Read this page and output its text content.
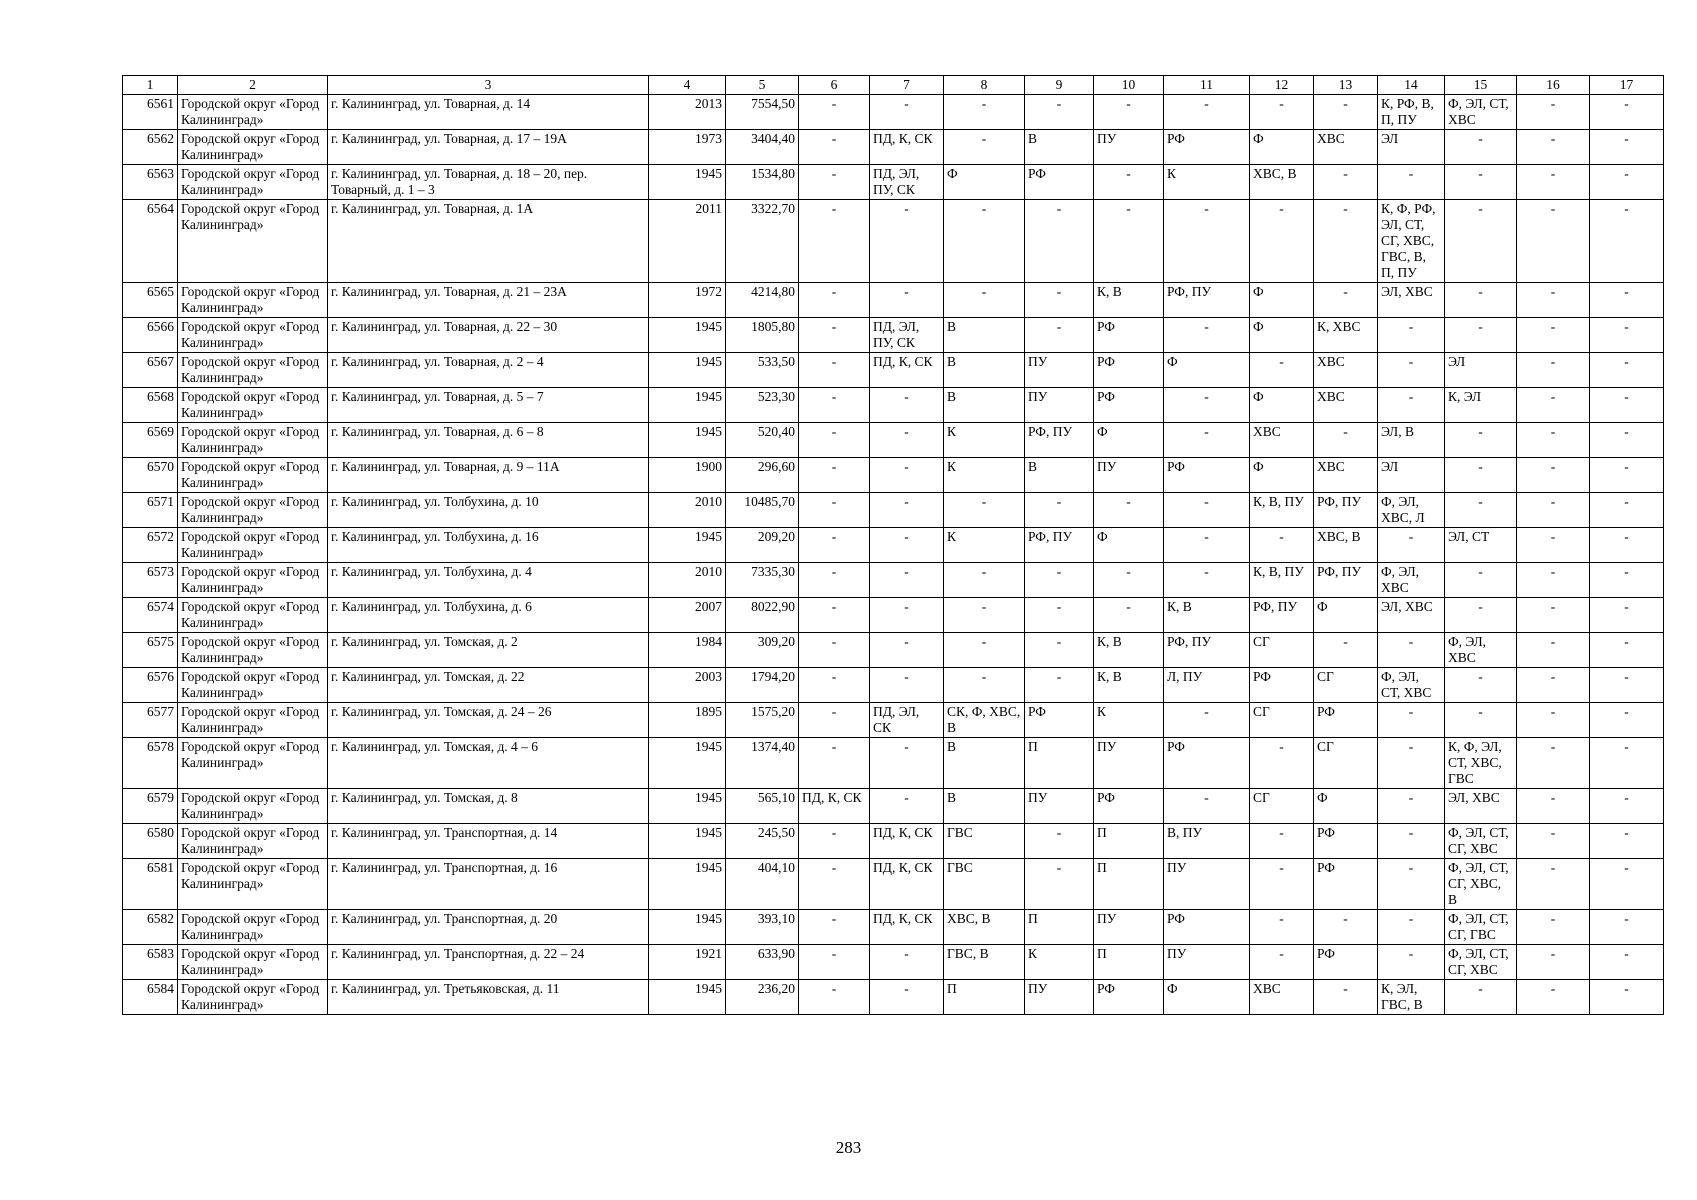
1	2	3	4	5	6	7	8	9	10	11	12	13	14	15	16	17
6561	Городской округ «Город Калининград»	г. Калининград, ул. Товарная, д. 14	2013	7554,50	-	-	-	-	-	-	-	-	К, РФ, В, П, ПУ	Ф, ЭЛ, СТ, ХВС	-	-
6562	Городской округ «Город Калининград»	г. Калининград, ул. Товарная, д. 17 – 19А	1973	3404,40	-	ПД, К, СК	-	В	ПУ	РФ	Ф	ХВС	ЭЛ	-	-	-
6563	Городской округ «Город Калининград»	г. Калининград, ул. Товарная, д. 18 – 20, пер. Товарный, д. 1 – 3	1945	1534,80	-	ПД, ЭЛ, ПУ, СК	Ф	РФ	-	К	ХВС, В	-	-	-	-	-
6564	Городской округ «Город Калининград»	г. Калининград, ул. Товарная, д. 1А	2011	3322,70	-	-	-	-	-	-	-	-	К, Ф, РФ, ЭЛ, СТ, СГ, ХВС, ГВС, В, П, ПУ	-	-	-
6565	Городской округ «Город Калининград»	г. Калининград, ул. Товарная, д. 21 – 23А	1972	4214,80	-	-	-	-	К, В	РФ, ПУ	Ф	-	ЭЛ, ХВС	-	-	-
6566	Городской округ «Город Калининград»	г. Калининград, ул. Товарная, д. 22 – 30	1945	1805,80	-	ПД, ЭЛ, ПУ, СК	В	-	РФ	-	Ф	К, ХВС	-	-	-	-
6567	Городской округ «Город Калининград»	г. Калининград, ул. Товарная, д. 2 – 4	1945	533,50	-	ПД, К, СК	В	ПУ	РФ	Ф	-	ХВС	-	ЭЛ	-	-
6568	Городской округ «Город Калининград»	г. Калининград, ул. Товарная, д. 5 – 7	1945	523,30	-	-	В	ПУ	РФ	-	Ф	ХВС	-	К, ЭЛ	-	-
6569	Городской округ «Город Калининград»	г. Калининград, ул. Товарная, д. 6 – 8	1945	520,40	-	-	К	РФ, ПУ	Ф	-	ХВС	-	ЭЛ, В	-	-	-
6570	Городской округ «Город Калининград»	г. Калининград, ул. Товарная, д. 9 – 11А	1900	296,60	-	-	К	В	ПУ	РФ	Ф	ХВС	ЭЛ	-	-	-
6571	Городской округ «Город Калининград»	г. Калининград, ул. Толбухина, д. 10	2010	10485,70	-	-	-	-	-	-	К, В, ПУ	РФ, ПУ	Ф, ЭЛ, ХВС, Л	-	-	-
6572	Городской округ «Город Калининград»	г. Калининград, ул. Толбухина, д. 16	1945	209,20	-	-	К	РФ, ПУ	Ф	-	-	ХВС, В	-	ЭЛ, СТ	-	-
6573	Городской округ «Город Калининград»	г. Калининград, ул. Толбухина, д. 4	2010	7335,30	-	-	-	-	-	-	К, В, ПУ	РФ, ПУ	Ф, ЭЛ, ХВС	-	-	-
6574	Городской округ «Город Калининград»	г. Калининград, ул. Толбухина, д. 6	2007	8022,90	-	-	-	-	-	К, В	РФ, ПУ	Ф	ЭЛ, ХВС	-	-	-
6575	Городской округ «Город Калининград»	г. Калининград, ул. Томская, д. 2	1984	309,20	-	-	-	-	К, В	РФ, ПУ	СГ	-	-	Ф, ЭЛ, ХВС	-	-
6576	Городской округ «Город Калининград»	г. Калининград, ул. Томская, д. 22	2003	1794,20	-	-	-	-	К, В	Л, ПУ	РФ	СГ	Ф, ЭЛ, СТ, ХВС	-	-	-
6577	Городской округ «Город Калининград»	г. Калининград, ул. Томская, д. 24 – 26	1895	1575,20	-	ПД, ЭЛ, СК	СК, Ф, ХВС, В	РФ	К	-	СГ	РФ	-	-	-	-
6578	Городской округ «Город Калининград»	г. Калининград, ул. Томская, д. 4 – 6	1945	1374,40	-	-	В	П	ПУ	РФ	-	СГ	-	К, Ф, ЭЛ, СТ, ХВС, ГВС	-	-
6579	Городской округ «Город Калининград»	г. Калининград, ул. Томская, д. 8	1945	565,10	ПД, К, СК	-	В	ПУ	РФ	-	СГ	Ф	-	ЭЛ, ХВС	-	-
6580	Городской округ «Город Калининград»	г. Калининград, ул. Транспортная, д. 14	1945	245,50	-	ПД, К, СК	ГВС	-	П	В, ПУ	-	РФ	-	Ф, ЭЛ, СТ, СГ, ХВС	-	-
6581	Городской округ «Город Калининград»	г. Калининград, ул. Транспортная, д. 16	1945	404,10	-	ПД, К, СК	ГВС	-	П	ПУ	-	РФ	-	Ф, ЭЛ, СТ, СГ, ХВС, В	-	-
6582	Городской округ «Город Калининград»	г. Калининград, ул. Транспортная, д. 20	1945	393,10	-	ПД, К, СК	ХВС, В	П	ПУ	РФ	-	-	-	Ф, ЭЛ, СТ, СГ, ГВС	-	-
6583	Городской округ «Город Калининград»	г. Калининград, ул. Транспортная, д. 22 – 24	1921	633,90	-	-	ГВС, В	К	П	ПУ	-	РФ	-	Ф, ЭЛ, СТ, СГ, ХВС	-	-
6584	Городской округ «Город Калининград»	г. Калининград, ул. Третьяковская, д. 11	1945	236,20	-	-	П	ПУ	РФ	Ф	ХВС	-	К, ЭЛ, ГВС, В	-	-	-
283
